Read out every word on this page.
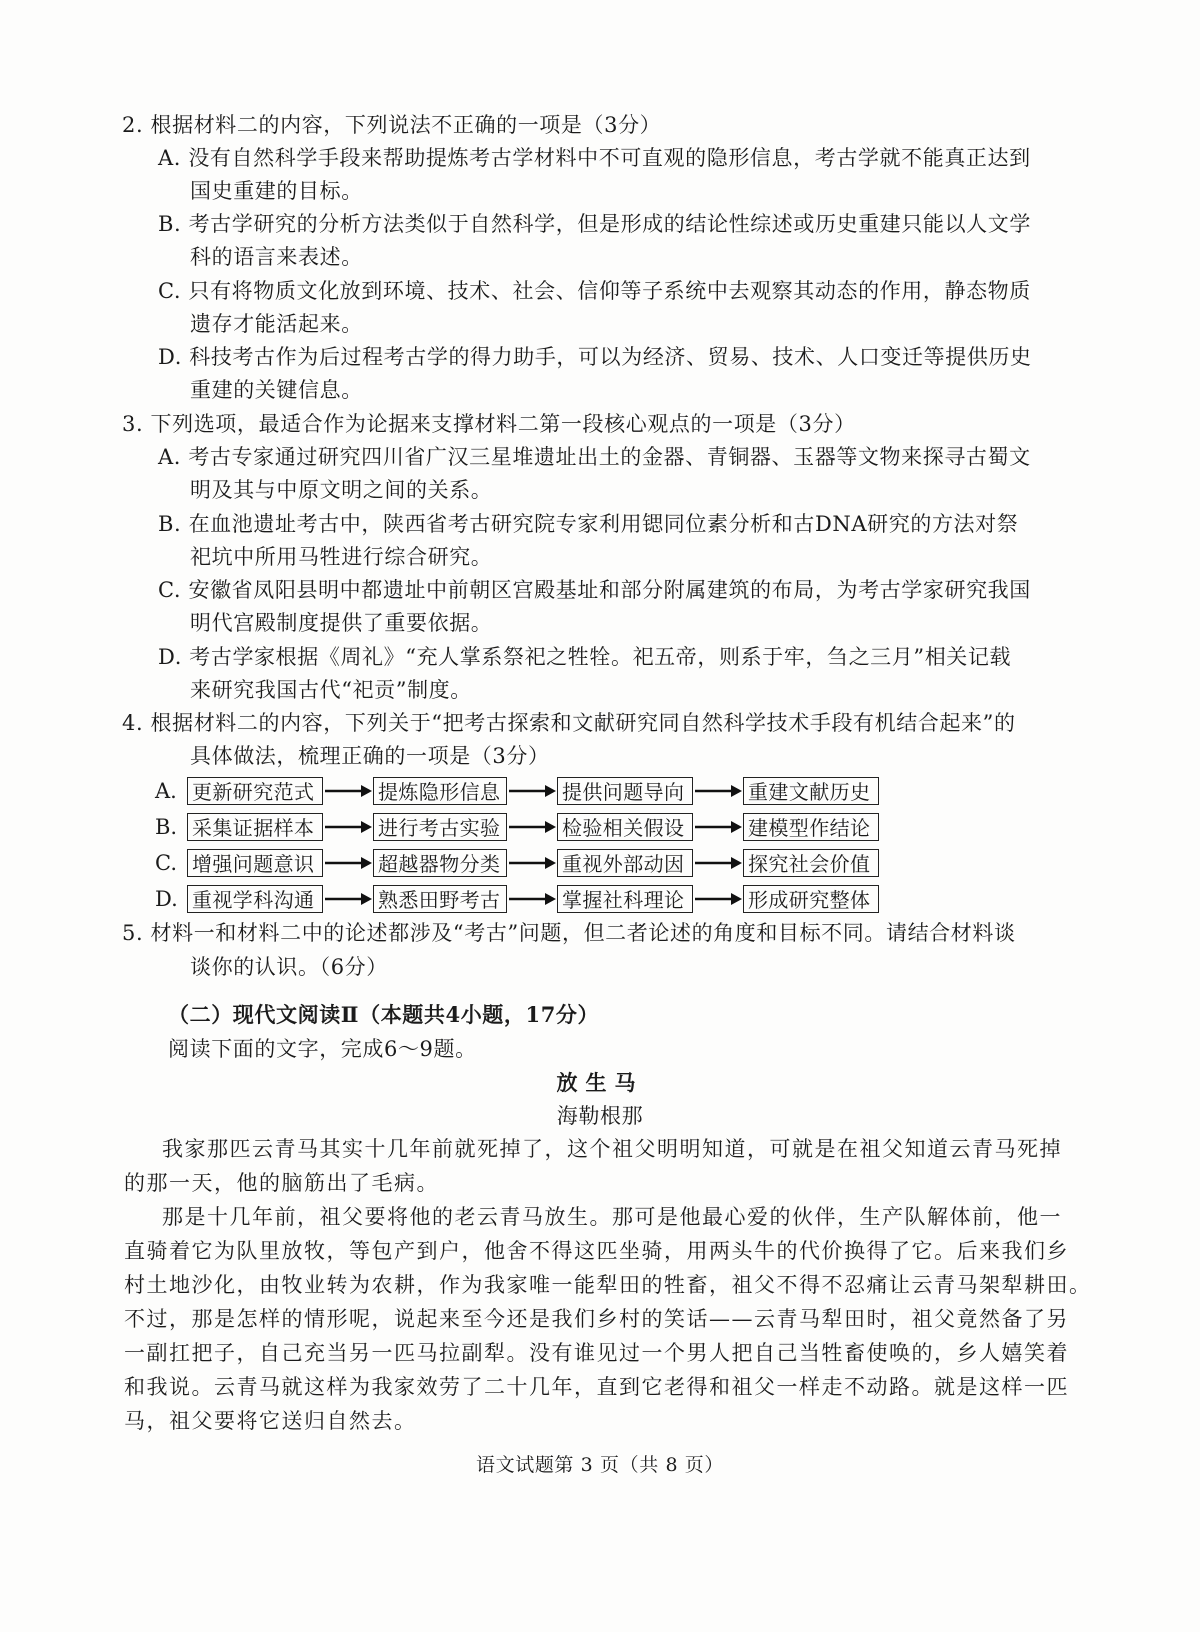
2. 根据材料二的内容，下列说法不正确的一项是（3分）
A. 没有自然科学手段来帮助提炼考古学材料中不可直观的隐形信息，考古学就不能真正达到
国史重建的目标。
B. 考古学研究的分析方法类似于自然科学，但是形成的结论性综述或历史重建只能以人文学
科的语言来表述。
C. 只有将物质文化放到环境、技术、社会、信仰等子系统中去观察其动态的作用，静态物质
遗存才能活起来。
D. 科技考古作为后过程考古学的得力助手，可以为经济、贸易、技术、人口变迁等提供历史
重建的关键信息。
3. 下列选项，最适合作为论据来支撑材料二第一段核心观点的一项是（3分）
A. 考古专家通过研究四川省广汉三星堆遗址出土的金器、青铜器、玉器等文物来探寻古蜀文
明及其与中原文明之间的关系。
B. 在血池遗址考古中，陕西省考古研究院专家利用锶同位素分析和古DNA研究的方法对祭
祀坑中所用马牲进行综合研究。
C. 安徽省凤阳县明中都遗址中前朝区宫殿基址和部分附属建筑的布局，为考古学家研究我国
明代宫殿制度提供了重要依据。
D. 考古学家根据《周礼》“充人掌系祭祀之牲牷。祀五帝，则系于牢，刍之三月”相关记载
来研究我国古代“祀贡”制度。
4. 根据材料二的内容，下列关于“把考古探索和文献研究同自然科学技术手段有机结合起来”的
具体做法，梳理正确的一项是（3分）
A. 更新研究范式	提炼隐形信息	提供问题导向	重建文献历史
B. 采集证据样本	进行考古实验	检验相关假设	建模型作结论
C. 增强问题意识	超越器物分类	重视外部动因	探究社会价值
D. 重视学科沟通	熟悉田野考古	掌握社科理论	形成研究整体
5. 材料一和材料二中的论述都涉及“考古”问题，但二者论述的角度和目标不同。请结合材料谈
谈你的认识。（6分）
（二）现代文阅读Ⅱ（本题共4小题，17分）
阅读下面的文字，完成6～9题。
放生马
海勒根那
我家那匹云青马其实十几年前就死掉了，这个祖父明明知道，可就是在祖父知道云青马死掉
的那一天，他的脑筋出了毛病。
那是十几年前，祖父要将他的老云青马放生。那可是他最心爱的伙伴，生产队解体前，他一
直骑着它为队里放牧，等包产到户，他舍不得这匹坐骑，用两头牛的代价换得了它。后来我们乡
村土地沙化，由牧业转为农耕，作为我家唯一能犁田的牲畜，祖父不得不忍痛让云青马架犁耕田。
不过，那是怎样的情形呢，说起来至今还是我们乡村的笑话——云青马犁田时，祖父竟然备了另
一副扛把子，自己充当另一匹马拉副犁。没有谁见过一个男人把自己当牲畜使唤的，乡人嬉笑着
和我说。云青马就这样为我家效劳了二十几年，直到它老得和祖父一样走不动路。就是这样一匹
马，祖父要将它送归自然去。
语文试题第 3 页（共 8 页）
